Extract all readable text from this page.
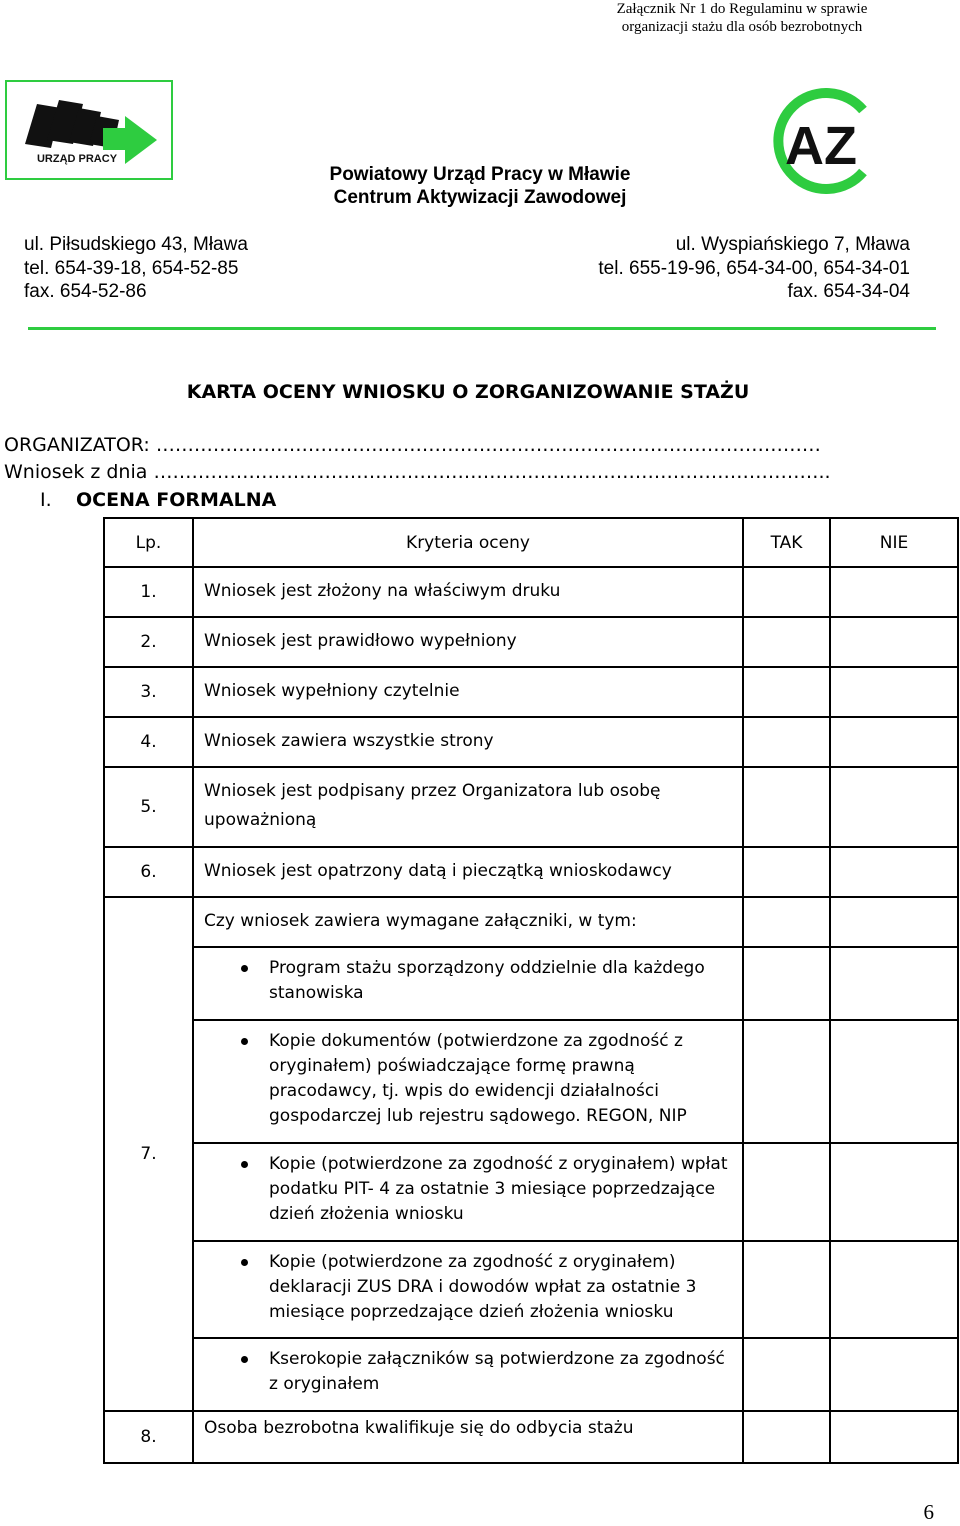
Załącznik Nr 1 do Regulaminu w sprawie
organizacji stażu dla osób bezrobotnych
URZĄD PRACY	AZ
Powiatowy Urząd Pracy w Mławie
Centrum Aktywizacji Zawodowej
ul. Piłsudskiego 43, Mława
tel. 654-39-18, 654-52-85
fax. 654-52-86
ul. Wyspiańskiego 7, Mława
tel. 655-19-96, 654-34-00, 654-34-01
fax. 654-34-04
KARTA OCENY WNIOSKU O ZORGANIZOWANIE STAŻU
ORGANIZATOR: ……………………………………………………………………………………………
Wniosek z dnia ……………………………………………………………………………………………..
I. OCENA FORMALNA
Lp.	Kryteria oceny	TAK	NIE
1.	Wniosek jest złożony na właściwym druku		
2.	Wniosek jest prawidłowo wypełniony		
3.	Wniosek wypełniony czytelnie		
4.	Wniosek zawiera wszystkie strony		
5.	Wniosek jest podpisany przez Organizatora lub osobę upoważnioną		
6.	Wniosek jest opatrzony datą i pieczątką wnioskodawcy		
7.	Czy wniosek zawiera wymagane załączniki, w tym:		

	Program stażu sporządzony oddzielnie dla każdego stanowiska		

	Kopie dokumentów (potwierdzone za zgodność z oryginałem) poświadczające formę prawną pracodawcy, tj. wpis do ewidencji działalności gospodarczej lub rejestru sądowego. REGON, NIP		

	Kopie (potwierdzone za zgodność z oryginałem) wpłat podatku PIT- 4 za ostatnie 3 miesiące poprzedzające dzień złożenia wniosku		

	Kopie (potwierdzone za zgodność z oryginałem) deklaracji ZUS DRA i dowodów wpłat za ostatnie 3 miesiące poprzedzające dzień złożenia wniosku		

	Kserokopie załączników są potwierdzone za zgodność z oryginałem		

8.	Osoba bezrobotna kwalifikuje się do odbycia stażu		
6
